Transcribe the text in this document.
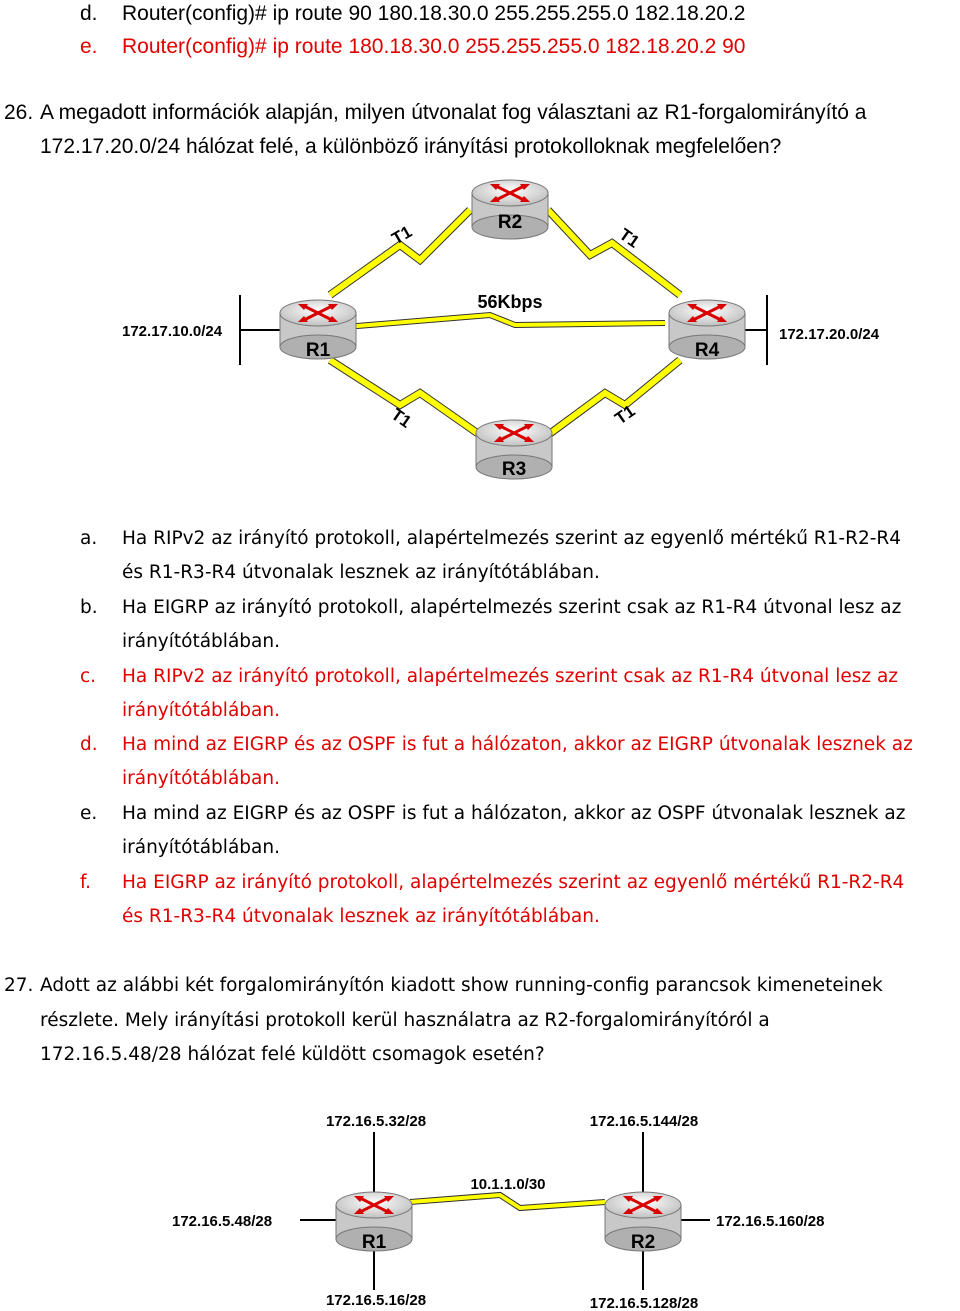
d. Router(config)# ip route 90 180.18.30.0 255.255.255.0 182.18.20.2
e. Router(config)# ip route 180.18.30.0 255.255.255.0 182.18.20.2 90
26. A megadott információk alapján, milyen útvonalat fog választani az R1-forgalomirányító a
172.17.20.0/24 hálózat felé, a különböző irányítási protokolloknak megfelelően?
R2
R1	R4
R3
T1	T1
T1	T1
56Kbps
172.17.10.0/24	172.17.20.0/24
a. Ha RIPv2 az irányító protokoll, alapértelmezés szerint az egyenlő mértékű R1-R2-R4
és R1-R3-R4 útvonalak lesznek az irányítótáblában.
b. Ha EIGRP az irányító protokoll, alapértelmezés szerint csak az R1-R4 útvonal lesz az
irányítótáblában.
c. Ha RIPv2 az irányító protokoll, alapértelmezés szerint csak az R1-R4 útvonal lesz az
irányítótáblában.
d. Ha mind az EIGRP és az OSPF is fut a hálózaton, akkor az EIGRP útvonalak lesznek az
irányítótáblában.
e. Ha mind az EIGRP és az OSPF is fut a hálózaton, akkor az OSPF útvonalak lesznek az
irányítótáblában.
f. Ha EIGRP az irányító protokoll, alapértelmezés szerint az egyenlő mértékű R1-R2-R4
és R1-R3-R4 útvonalak lesznek az irányítótáblában.
27. Adott az alábbi két forgalomirányítón kiadott show running-config parancsok kimeneteinek
részlete. Mely irányítási protokoll kerül használatra az R2-forgalomirányítóról a
172.16.5.48/28 hálózat felé küldött csomagok esetén?
R1	R2
10.1.1.0/30
172.16.5.32/28
172.16.5.48/28
172.16.5.16/28
172.16.5.144/28
172.16.5.160/28
172.16.5.128/28
